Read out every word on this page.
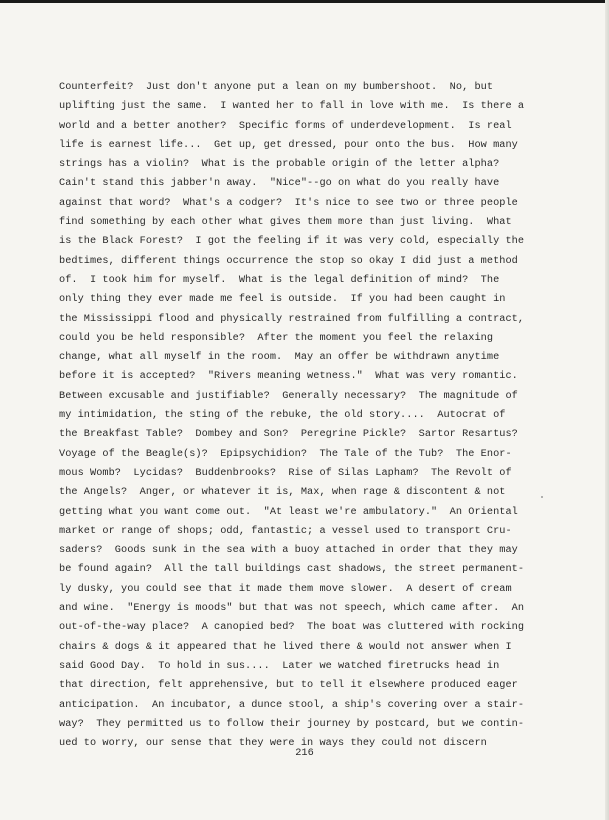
Counterfeit?  Just don't anyone put a lean on my bumbershoot.  No, but
uplifting just the same.  I wanted her to fall in love with me.  Is there a
world and a better another?  Specific forms of underdevelopment.  Is real
life is earnest life...  Get up, get dressed, pour onto the bus.  How many
strings has a violin?  What is the probable origin of the letter alpha?
Cain't stand this jabber'n away.  "Nice"--go on what do you really have
against that word?  What's a codger?  It's nice to see two or three people
find something by each other what gives them more than just living.  What
is the Black Forest?  I got the feeling if it was very cold, especially the
bedtimes, different things occurrence the stop so okay I did just a method
of.  I took him for myself.  What is the legal definition of mind?  The
only thing they ever made me feel is outside.  If you had been caught in
the Mississippi flood and physically restrained from fulfilling a contract,
could you be held responsible?  After the moment you feel the relaxing
change, what all myself in the room.  May an offer be withdrawn anytime
before it is accepted?  "Rivers meaning wetness."  What was very romantic.
Between excusable and justifiable?  Generally necessary?  The magnitude of
my intimidation, the sting of the rebuke, the old story....  Autocrat of
the Breakfast Table?  Dombey and Son?  Peregrine Pickle?  Sartor Resartus?
Voyage of the Beagle(s)?  Epipsychidion?  The Tale of the Tub?  The Enor-
mous Womb?  Lycidas?  Buddenbrooks?  Rise of Silas Lapham?  The Revolt of
the Angels?  Anger, or whatever it is, Max, when rage & discontent & not
getting what you want come out.  "At least we're ambulatory."  An Oriental
market or range of shops; odd, fantastic; a vessel used to transport Cru-
saders?  Goods sunk in the sea with a buoy attached in order that they may
be found again?  All the tall buildings cast shadows, the street permanent-
ly dusky, you could see that it made them move slower.  A desert of cream
and wine.  "Energy is moods" but that was not speech, which came after.  An
out-of-the-way place?  A canopied bed?  The boat was cluttered with rocking
chairs & dogs & it appeared that he lived there & would not answer when I
said Good Day.  To hold in sus....  Later we watched firetrucks head in
that direction, felt apprehensive, but to tell it elsewhere produced eager
anticipation.  An incubator, a dunce stool, a ship's covering over a stair-
way?  They permitted us to follow their journey by postcard, but we contin-
ued to worry, our sense that they were in ways they could not discern
216
